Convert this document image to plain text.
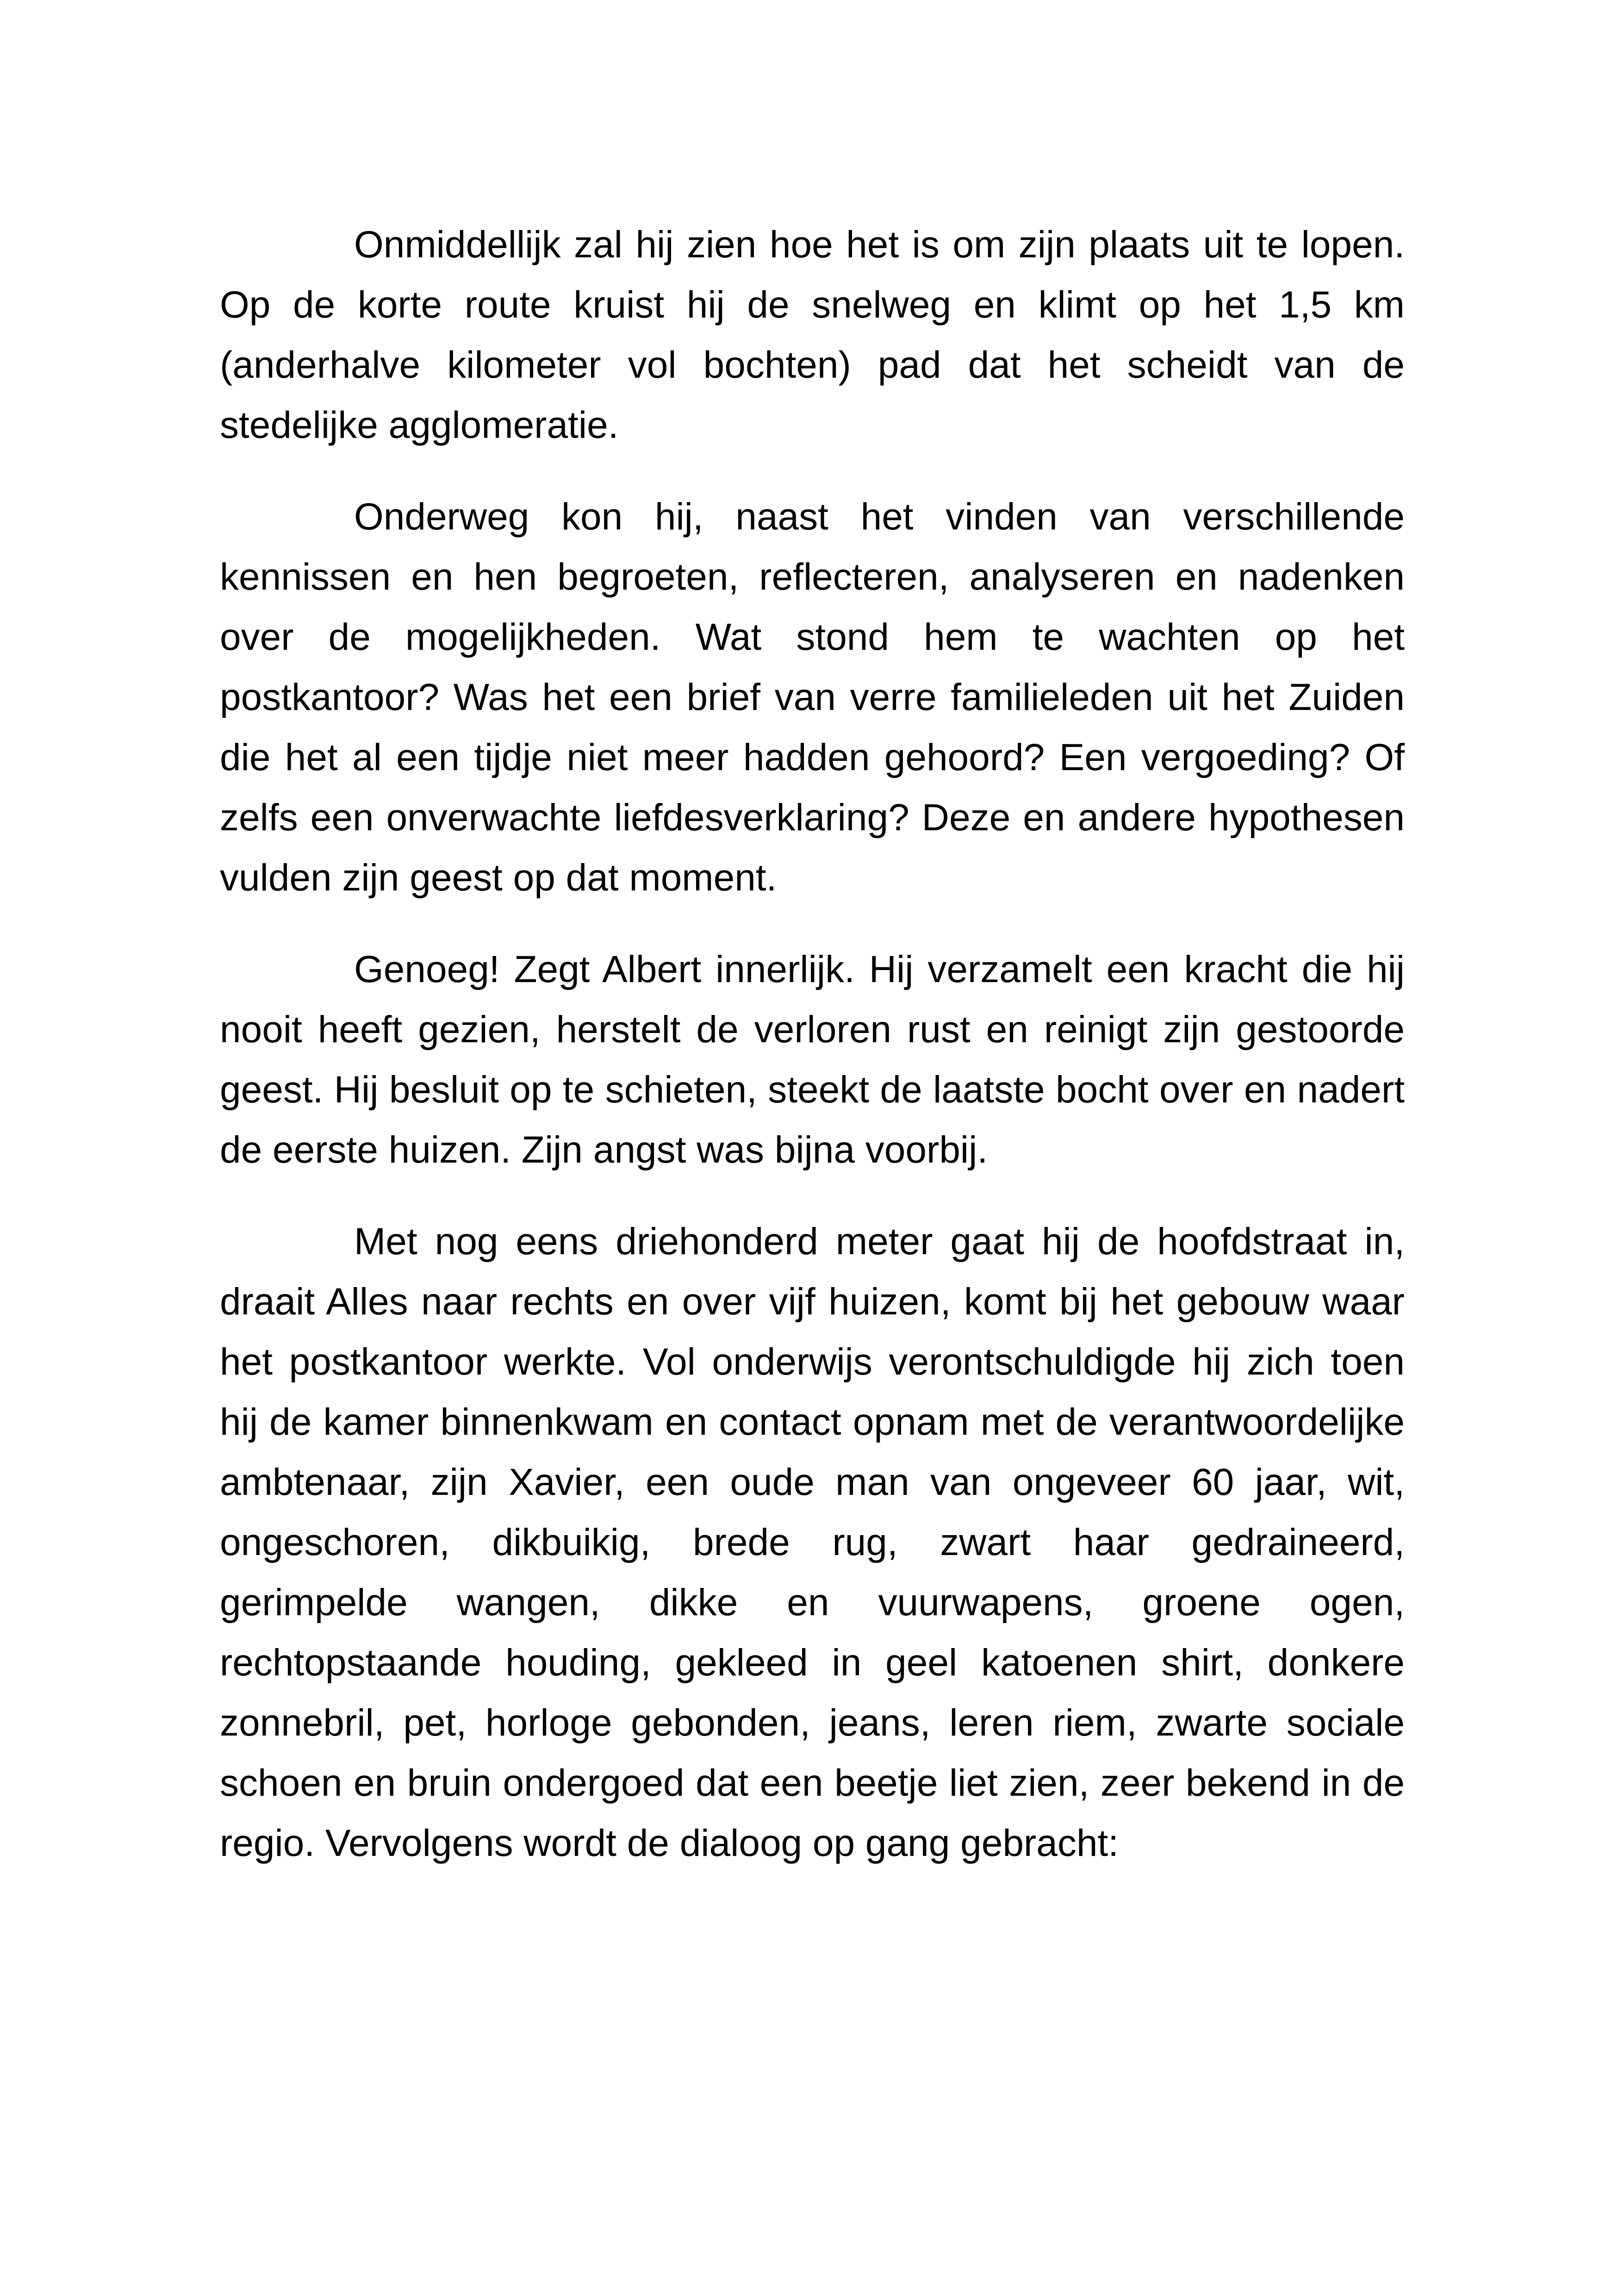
Onmiddellijk zal hij zien hoe het is om zijn plaats uit te lopen. Op de korte route kruist hij de snelweg en klimt op het 1,5 km (anderhalve kilometer vol bochten) pad dat het scheidt van de stedelijke agglomeratie.

Onderweg kon hij, naast het vinden van verschillende kennissen en hen begroeten, reflecteren, analyseren en nadenken over de mogelijkheden. Wat stond hem te wachten op het postkantoor? Was het een brief van verre familieleden uit het Zuiden die het al een tijdje niet meer hadden gehoord? Een vergoeding? Of zelfs een onverwachte liefdesverklaring? Deze en andere hypothesen vulden zijn geest op dat moment.

Genoeg! Zegt Albert innerlijk. Hij verzamelt een kracht die hij nooit heeft gezien, herstelt de verloren rust en reinigt zijn gestoorde geest. Hij besluit op te schieten, steekt de laatste bocht over en nadert de eerste huizen. Zijn angst was bijna voorbij.

Met nog eens driehonderd meter gaat hij de hoofdstraat in, draait Alles naar rechts en over vijf huizen, komt bij het gebouw waar het postkantoor werkte. Vol onderwijs verontschuldigde hij zich toen hij de kamer binnenkwam en contact opnam met de verantwoordelijke ambtenaar, zijn Xavier, een oude man van ongeveer 60 jaar, wit, ongeschoren, dikbuikig, brede rug, zwart haar gedraineerd, gerimpelde wangen, dikke en vuurwapens, groene ogen, rechtopstaande houding, gekleed in geel katoenen shirt, donkere zonnebril, pet, horloge gebonden, jeans, leren riem, zwarte sociale schoen en bruin ondergoed dat een beetje liet zien, zeer bekend in de regio. Vervolgens wordt de dialoog op gang gebracht:
